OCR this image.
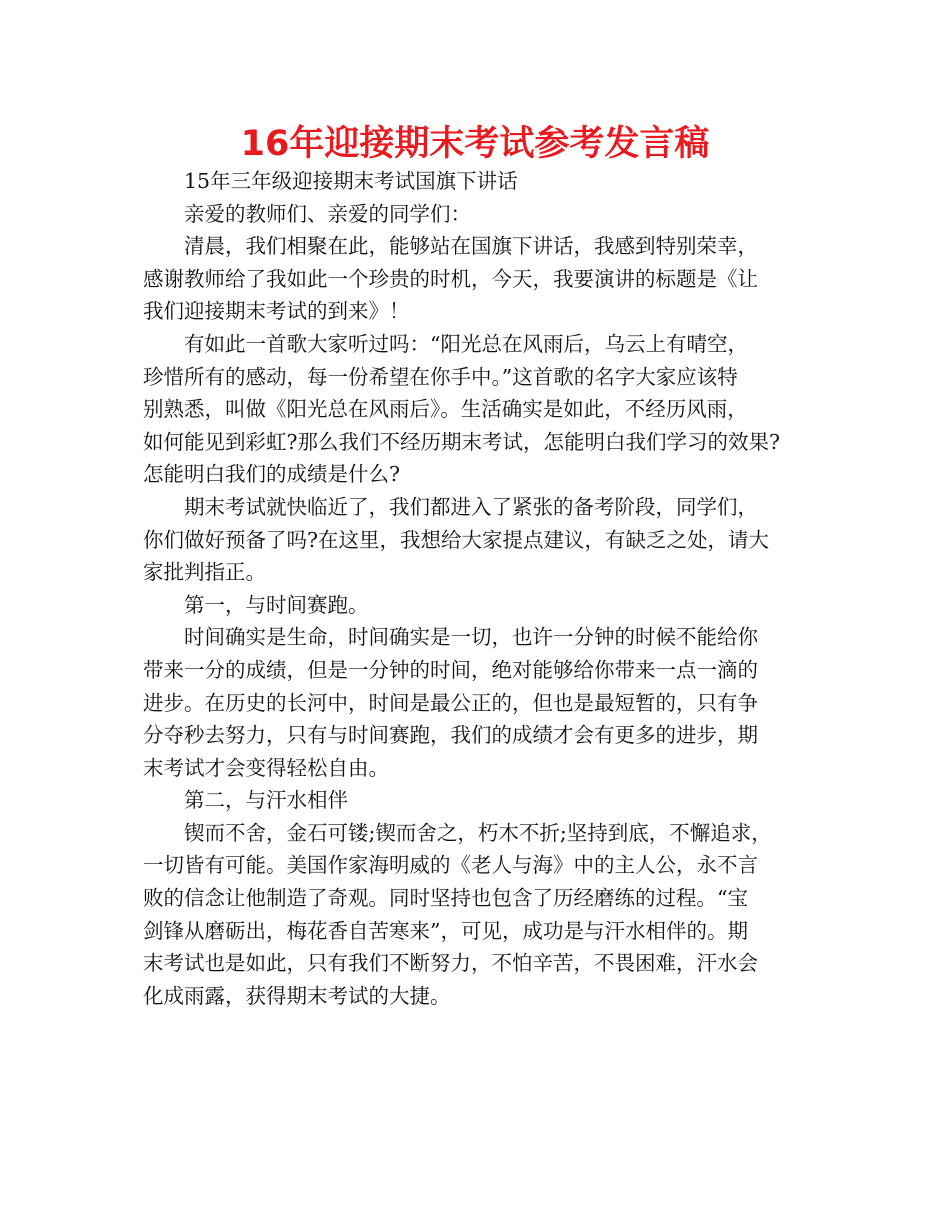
16年迎接期末考试参考发言稿
15年三年级迎接期末考试国旗下讲话
亲爱的教师们、亲爱的同学们：
清晨，我们相聚在此，能够站在国旗下讲话，我感到特别荣幸，
感谢教师给了我如此一个珍贵的时机，今天，我要演讲的标题是《让
我们迎接期末考试的到来》！
有如此一首歌大家听过吗：“阳光总在风雨后，乌云上有晴空，
珍惜所有的感动，每一份希望在你手中。”这首歌的名字大家应该特
别熟悉，叫做《阳光总在风雨后》。生活确实是如此，不经历风雨，
如何能见到彩虹?那么我们不经历期末考试，怎能明白我们学习的效果?
怎能明白我们的成绩是什么?
期末考试就快临近了，我们都进入了紧张的备考阶段，同学们，
你们做好预备了吗?在这里，我想给大家提点建议，有缺乏之处，请大
家批判指正。
第一，与时间赛跑。
时间确实是生命，时间确实是一切，也许一分钟的时候不能给你
带来一分的成绩，但是一分钟的时间，绝对能够给你带来一点一滴的
进步。在历史的长河中，时间是最公正的，但也是最短暂的，只有争
分夺秒去努力，只有与时间赛跑，我们的成绩才会有更多的进步，期
末考试才会变得轻松自由。
第二，与汗水相伴
锲而不舍，金石可镂;锲而舍之，朽木不折;坚持到底，不懈追求，
一切皆有可能。美国作家海明威的《老人与海》中的主人公，永不言
败的信念让他制造了奇观。同时坚持也包含了历经磨练的过程。“宝
剑锋从磨砺出，梅花香自苦寒来”，可见，成功是与汗水相伴的。期
末考试也是如此，只有我们不断努力，不怕辛苦，不畏困难，汗水会
化成雨露，获得期末考试的大捷。
